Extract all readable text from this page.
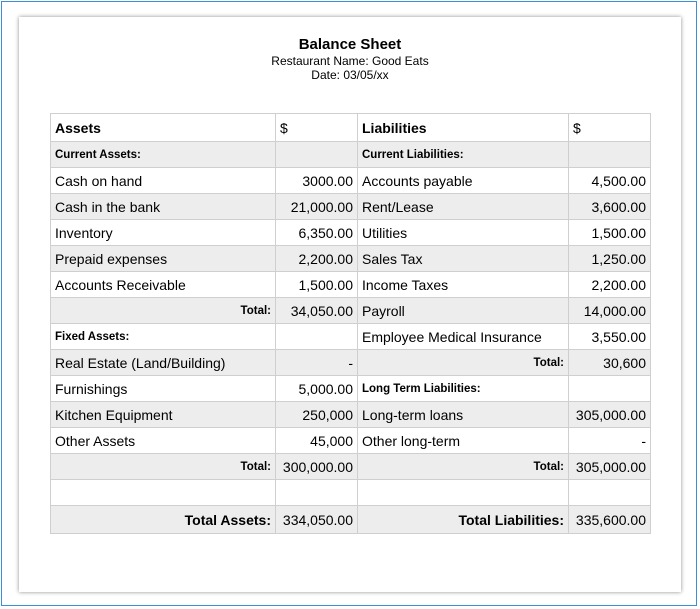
Balance Sheet
Restaurant Name: Good Eats
Date: 03/05/xx
Assets	$	Liabilities	$
Current Assets:		Current Liabilities:	
Cash on hand	3000.00	Accounts payable	4,500.00
Cash in the bank	21,000.00	Rent/Lease	3,600.00
Inventory	6,350.00	Utilities	1,500.00
Prepaid expenses	2,200.00	Sales Tax	1,250.00
Accounts Receivable	1,500.00	Income Taxes	2,200.00
Total:	34,050.00	Payroll	14,000.00
Fixed Assets:		Employee Medical Insurance	3,550.00
Real Estate (Land/Building)	-	Total:	30,600
Furnishings	5,000.00	Long Term Liabilities:	
Kitchen Equipment	250,000	Long-term loans	305,000.00
Other Assets	45,000	Other long-term	-
Total:	300,000.00	Total:	305,000.00

Total Assets:	334,050.00	Total Liabilities:	335,600.00
